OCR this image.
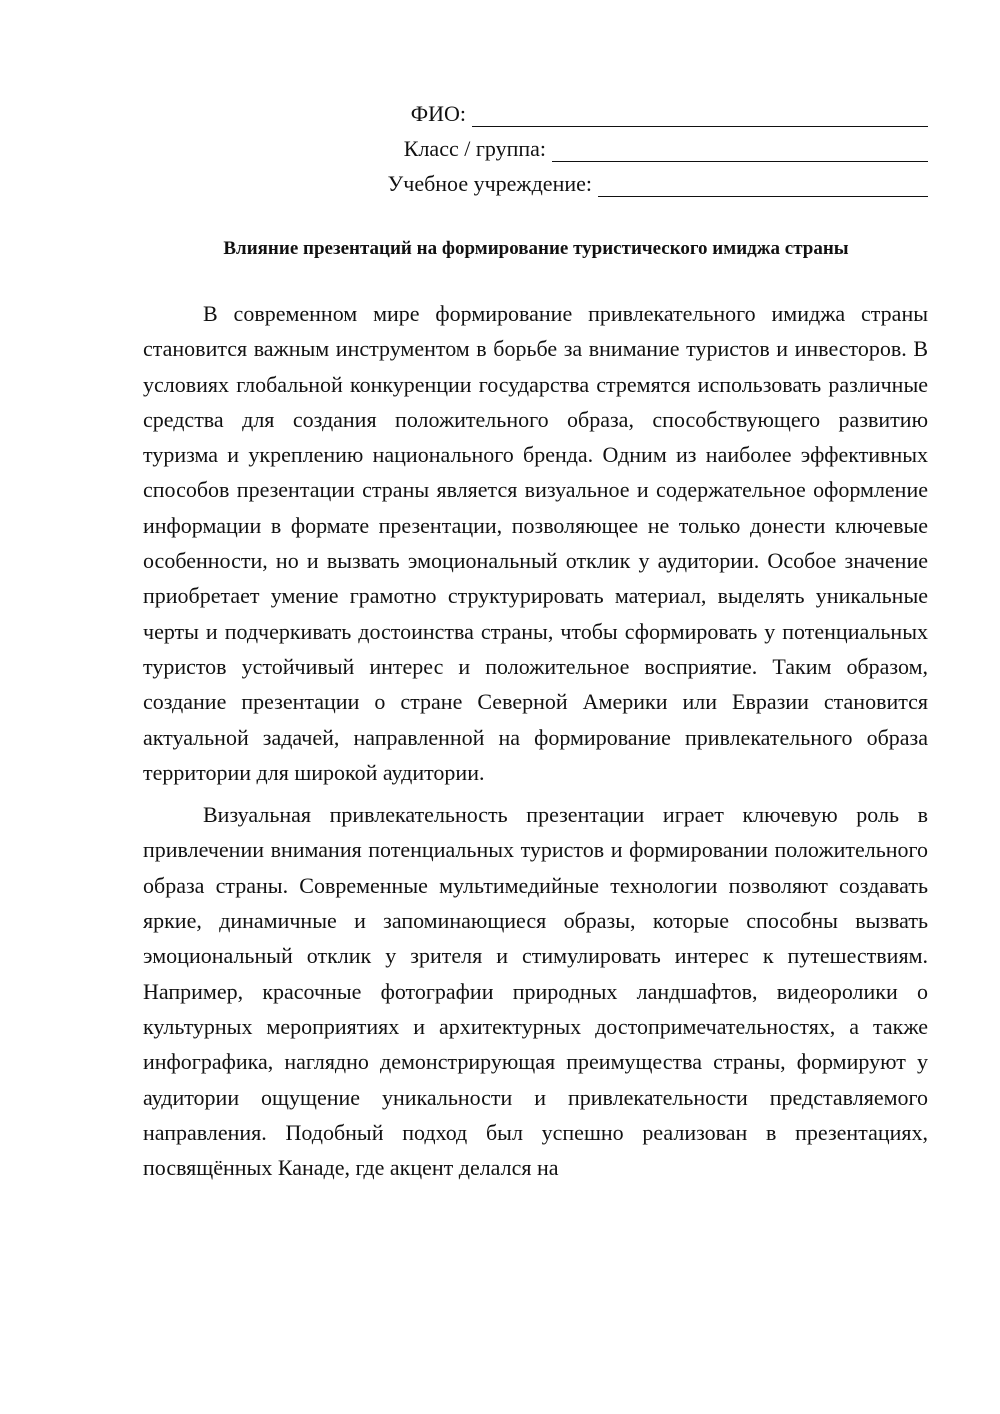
ФИО:
Класс / группа:
Учебное учреждение:
Влияние презентаций на формирование туристического имиджа страны

В современном мире формирование привлекательного имиджа страны становится важным инструментом в борьбе за внимание туристов и инвесторов. В условиях глобальной конкуренции государства стремятся использовать различные средства для создания положительного образа, способствующего развитию туризма и укреплению национального бренда. Одним из наиболее эффективных способов презентации страны является визуальное и содержательное оформление информации в формате презентации, позволяющее не только донести ключевые особенности, но и вызвать эмоциональный отклик у аудитории. Особое значение приобретает умение грамотно структурировать материал, выделять уникальные черты и подчеркивать достоинства страны, чтобы сформировать у потенциальных туристов устойчивый интерес и положительное восприятие. Таким образом, создание презентации о стране Северной Америки или Евразии становится актуальной задачей, направленной на формирование привлекательного образа территории для широкой аудитории.

Визуальная привлекательность презентации играет ключевую роль в привлечении внимания потенциальных туристов и формировании положительного образа страны. Современные мультимедийные технологии позволяют создавать яркие, динамичные и запоминающиеся образы, которые способны вызвать эмоциональный отклик у зрителя и стимулировать интерес к путешествиям. Например, красочные фотографии природных ландшафтов, видеоролики о культурных мероприятиях и архитектурных достопримечательностях, а также инфографика, наглядно демонстрирующая преимущества страны, формируют у аудитории ощущение уникальности и привлекательности представляемого направления. Подобный подход был успешно реализован в презентациях, посвящённых Канаде, где акцент делался на
